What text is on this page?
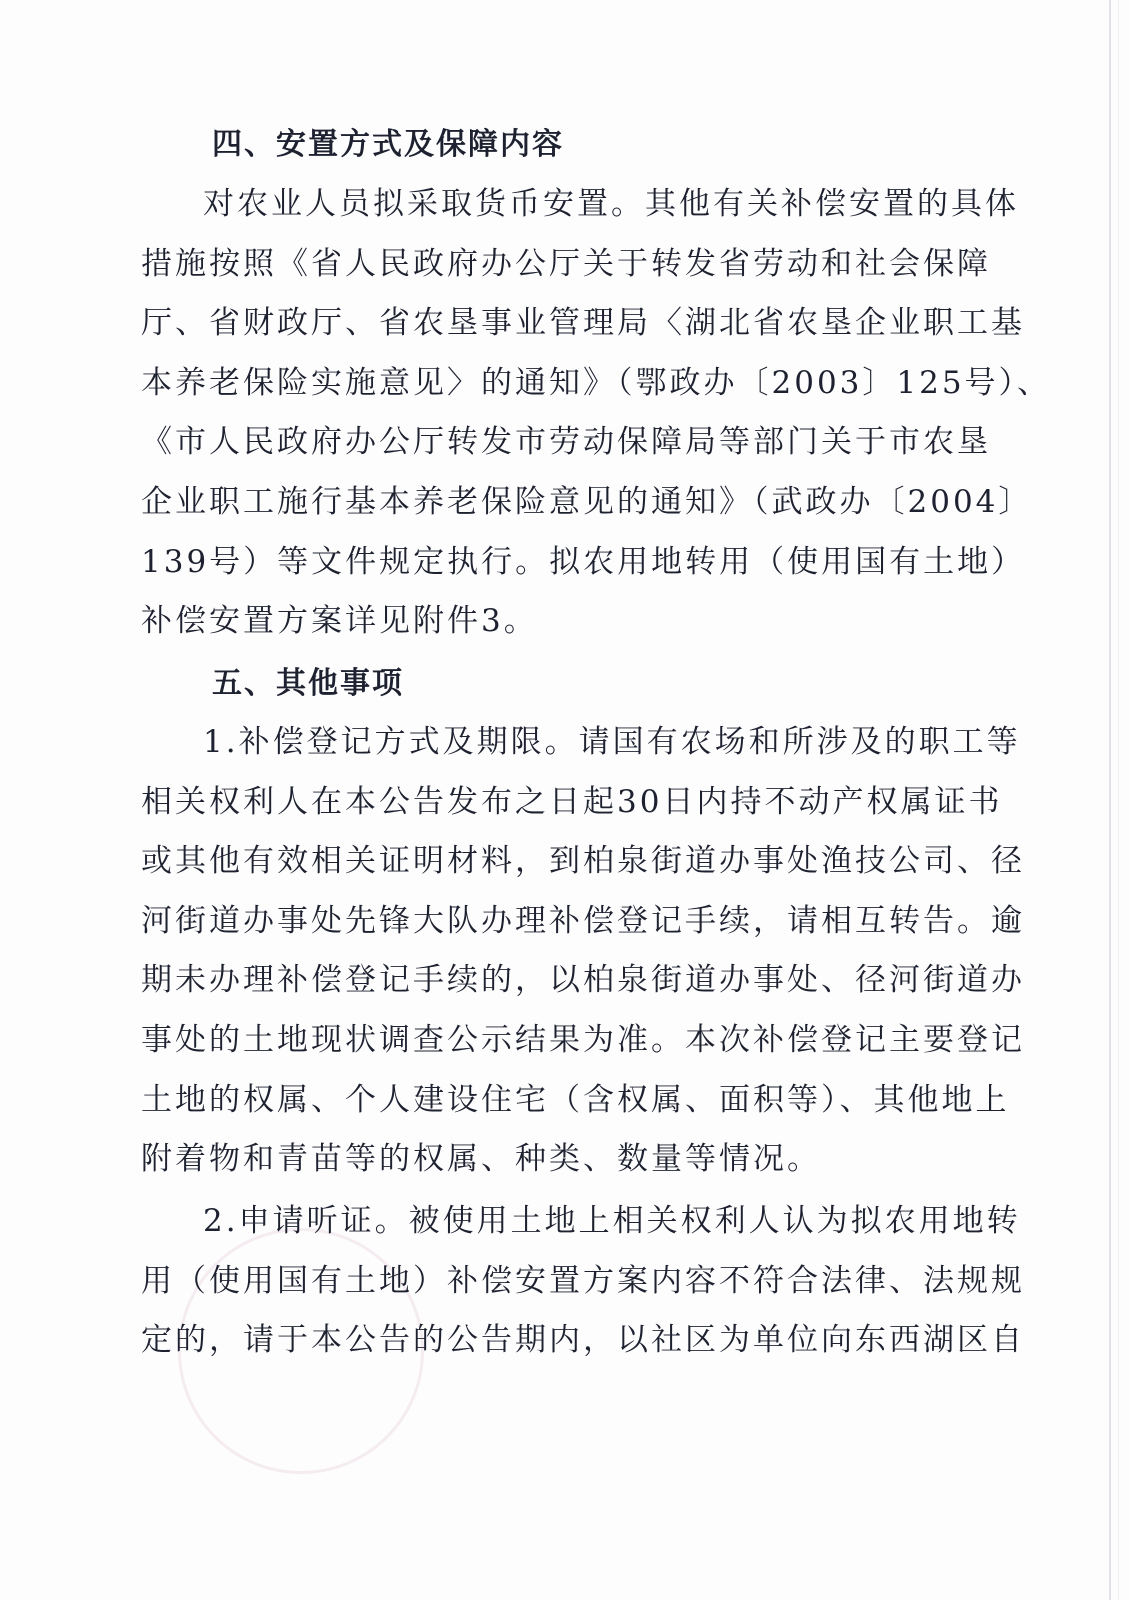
四、安置方式及保障内容
对农业人员拟采取货币安置。其他有关补偿安置的具体
措施按照《省人民政府办公厅关于转发省劳动和社会保障
厅、省财政厅、省农垦事业管理局〈湖北省农垦企业职工基
本养老保险实施意见〉的通知》（鄂政办〔2003〕125号）、
《市人民政府办公厅转发市劳动保障局等部门关于市农垦
企业职工施行基本养老保险意见的通知》（武政办〔2004〕
139号）等文件规定执行。拟农用地转用（使用国有土地）
补偿安置方案详见附件3。
五、其他事项
1.补偿登记方式及期限。请国有农场和所涉及的职工等
相关权利人在本公告发布之日起30日内持不动产权属证书
或其他有效相关证明材料，到柏泉街道办事处渔技公司、径
河街道办事处先锋大队办理补偿登记手续，请相互转告。逾
期未办理补偿登记手续的，以柏泉街道办事处、径河街道办
事处的土地现状调查公示结果为准。本次补偿登记主要登记
土地的权属、个人建设住宅（含权属、面积等）、其他地上
附着物和青苗等的权属、种类、数量等情况。
2.申请听证。被使用土地上相关权利人认为拟农用地转
用（使用国有土地）补偿安置方案内容不符合法律、法规规
定的，请于本公告的公告期内，以社区为单位向东西湖区自
